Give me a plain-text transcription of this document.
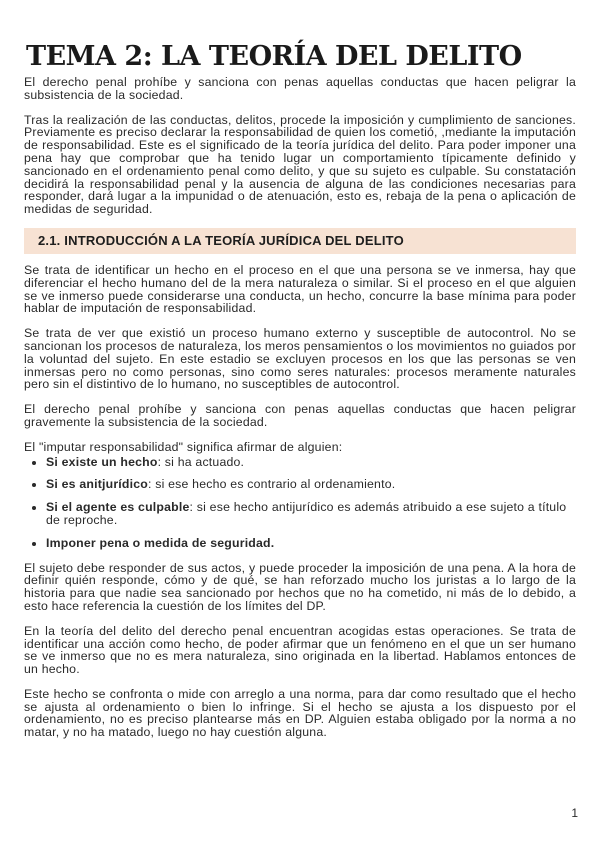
TEMA 2: LA TEORÍA DEL DELITO

El derecho penal prohíbe y sanciona con penas aquellas conductas que hacen peligrar la subsistencia de la sociedad.

Tras la realización de las conductas, delitos, procede la imposición y cumplimiento de sanciones. Previamente es preciso declarar la responsabilidad de quien los cometió, ,mediante la imputación de responsabilidad. Este es el significado de la teoría jurídica del delito. Para poder imponer una pena hay que comprobar que ha tenido lugar un comportamiento típicamente definido y sancionado en el ordenamiento penal como delito, y que su sujeto es culpable. Su constatación decidirá la responsabilidad penal y la ausencia de alguna de las condiciones necesarias para responder, dará lugar a la impunidad o de atenuación, esto es, rebaja de la pena o aplicación de medidas de seguridad.

2.1. INTRODUCCIÓN A LA TEORÍA JURÍDICA DEL DELITO

Se trata de identificar un hecho en el proceso en el que una persona se ve inmersa, hay que diferenciar el hecho humano del de la mera naturaleza o similar. Si el proceso en el que alguien se ve inmerso puede considerarse una conducta, un hecho, concurre la base mínima para poder hablar de imputación de responsabilidad.

Se trata de ver que existió un proceso humano externo y susceptible de autocontrol. No se sancionan los procesos de naturaleza, los meros pensamientos o los movimientos no guiados por la voluntad del sujeto. En este estadio se excluyen procesos en los que las personas se ven inmersas pero no como personas, sino como seres naturales: procesos meramente naturales pero sin el distintivo de lo humano, no susceptibles de autocontrol.

El derecho penal prohíbe y sanciona con penas aquellas conductas que hacen peligrar gravemente la subsistencia de la sociedad.

El "imputar responsabilidad" significa afirmar de alguien:

• Si existe un hecho: si ha actuado.
• Si es anitjurídico: si ese hecho es contrario al ordenamiento.
• Si el agente es culpable: si ese hecho antijurídico es además atribuido a ese sujeto a título de reproche.
• Imponer pena o medida de seguridad.

El sujeto debe responder de sus actos, y puede proceder la imposición de una pena. A la hora de definir quién responde, cómo y de qué, se han reforzado mucho los juristas a lo largo de la historia para que nadie sea sancionado por hechos que no ha cometido, ni más de lo debido, a esto hace referencia la cuestión de los límites del DP.

En la teoría del delito del derecho penal encuentran acogidas estas operaciones. Se trata de identificar una acción como hecho, de poder afirmar que un fenómeno en el que un ser humano se ve inmerso que no es mera naturaleza, sino originada en la libertad. Hablamos entonces de un hecho.

Este hecho se confronta o mide con arreglo a una norma, para dar como resultado que el hecho se ajusta al ordenamiento o bien lo infringe. Si el hecho se ajusta a los dispuesto por el ordenamiento, no es preciso plantearse más en DP. Alguien estaba obligado por la norma a no matar, y no ha matado, luego no hay cuestión alguna.

1
